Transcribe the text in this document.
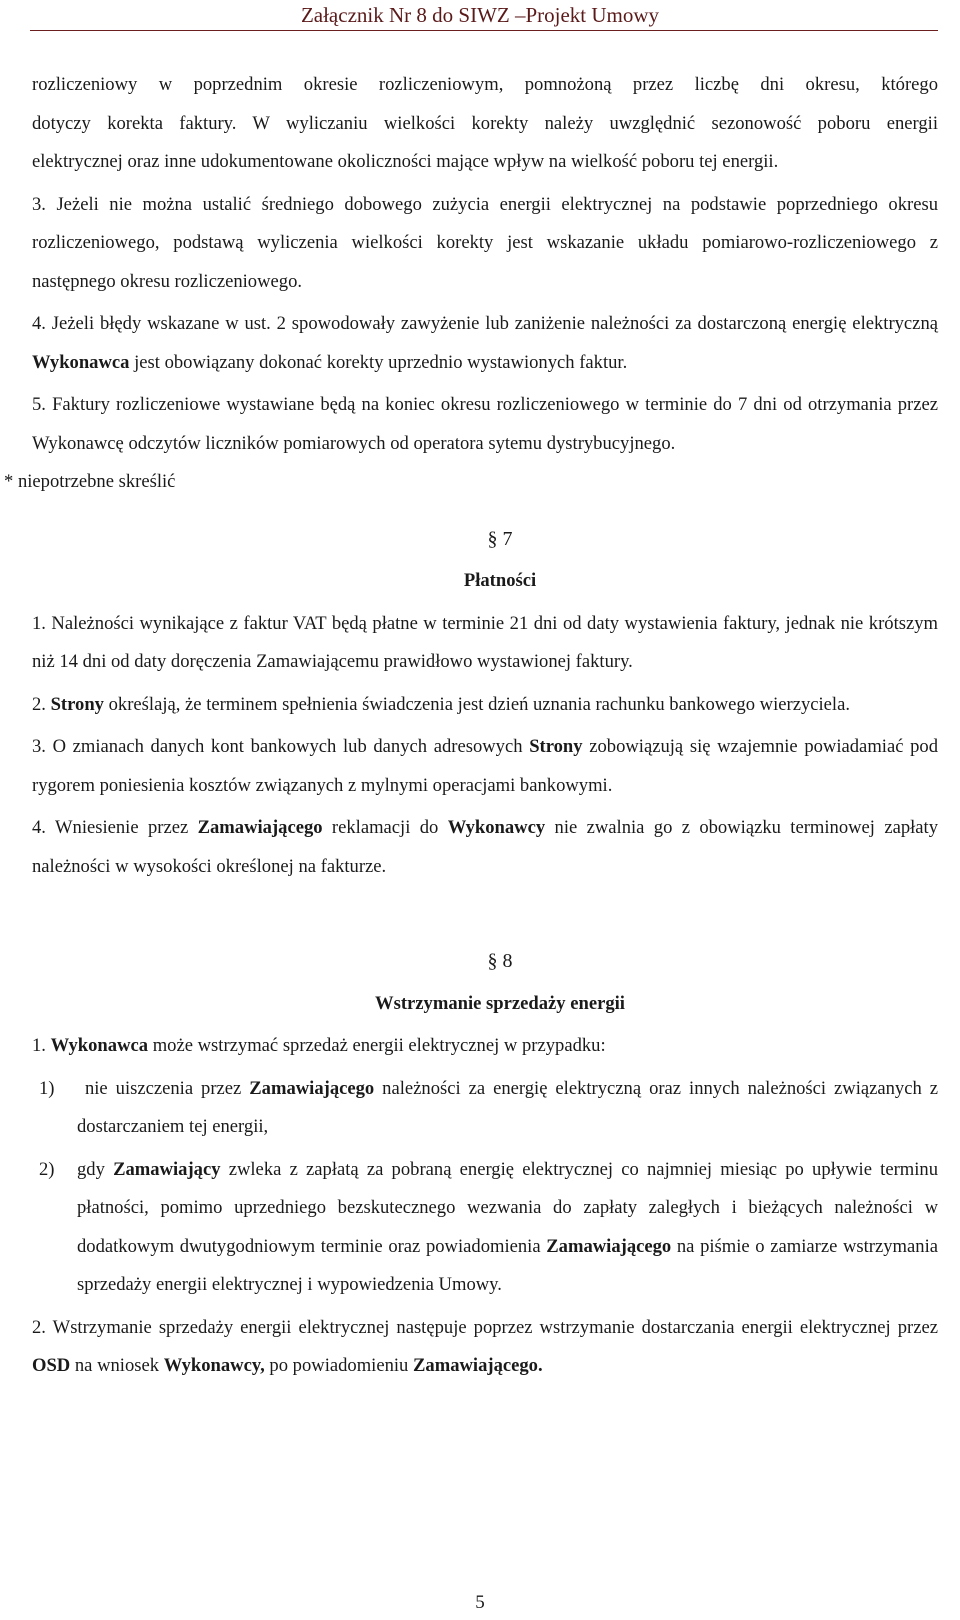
Załącznik Nr 8 do SIWZ –Projekt Umowy
rozliczeniowy w poprzednim okresie rozliczeniowym, pomnożoną przez liczbę dni okresu, którego
dotyczy korekta faktury. W wyliczaniu wielkości korekty należy uwzględnić sezonowość poboru energii
elektrycznej oraz inne udokumentowane okoliczności mające wpływ na wielkość poboru tej energii.
3. Jeżeli nie można ustalić średniego dobowego zużycia energii elektrycznej na podstawie poprzedniego okresu rozliczeniowego, podstawą wyliczenia wielkości korekty jest wskazanie układu pomiarowo-rozliczeniowego z następnego okresu rozliczeniowego.
4. Jeżeli błędy wskazane w ust. 2 spowodowały zawyżenie lub zaniżenie należności za dostarczoną energię elektryczną Wykonawca jest obowiązany dokonać korekty uprzednio wystawionych faktur.
5. Faktury rozliczeniowe wystawiane będą na koniec okresu rozliczeniowego w terminie do 7 dni od otrzymania przez Wykonawcę odczytów liczników pomiarowych od operatora sytemu dystrybucyjnego.
* niepotrzebne skreślić
§ 7
Płatności
1. Należności wynikające z faktur VAT będą płatne w terminie 21 dni od daty wystawienia faktury, jednak nie krótszym niż 14 dni od daty doręczenia Zamawiającemu prawidłowo wystawionej faktury.
2. Strony określają, że terminem spełnienia świadczenia jest dzień uznania rachunku bankowego wierzyciela.
3. O zmianach danych kont bankowych lub danych adresowych Strony zobowiązują się wzajemnie powiadamiać pod rygorem poniesienia kosztów związanych z mylnymi operacjami bankowymi.
4. Wniesienie przez Zamawiającego reklamacji do Wykonawcy nie zwalnia go z obowiązku terminowej zapłaty należności w wysokości określonej na fakturze.
§ 8
Wstrzymanie sprzedaży energii
1. Wykonawca może wstrzymać sprzedaż energii elektrycznej w przypadku:
1) nie uiszczenia przez Zamawiającego należności za energię elektryczną oraz innych należności związanych z dostarczaniem tej energii,
2) gdy Zamawiający zwleka z zapłatą za pobraną energię elektrycznej co najmniej miesiąc po upływie terminu płatności, pomimo uprzedniego bezskutecznego wezwania do zapłaty zaległych i bieżących należności w dodatkowym dwutygodniowym terminie oraz powiadomienia Zamawiającego na piśmie o zamiarze wstrzymania sprzedaży energii elektrycznej i wypowiedzenia Umowy.
2. Wstrzymanie sprzedaży energii elektrycznej następuje poprzez wstrzymanie dostarczania energii elektrycznej przez OSD na wniosek Wykonawcy, po powiadomieniu Zamawiającego.
5
